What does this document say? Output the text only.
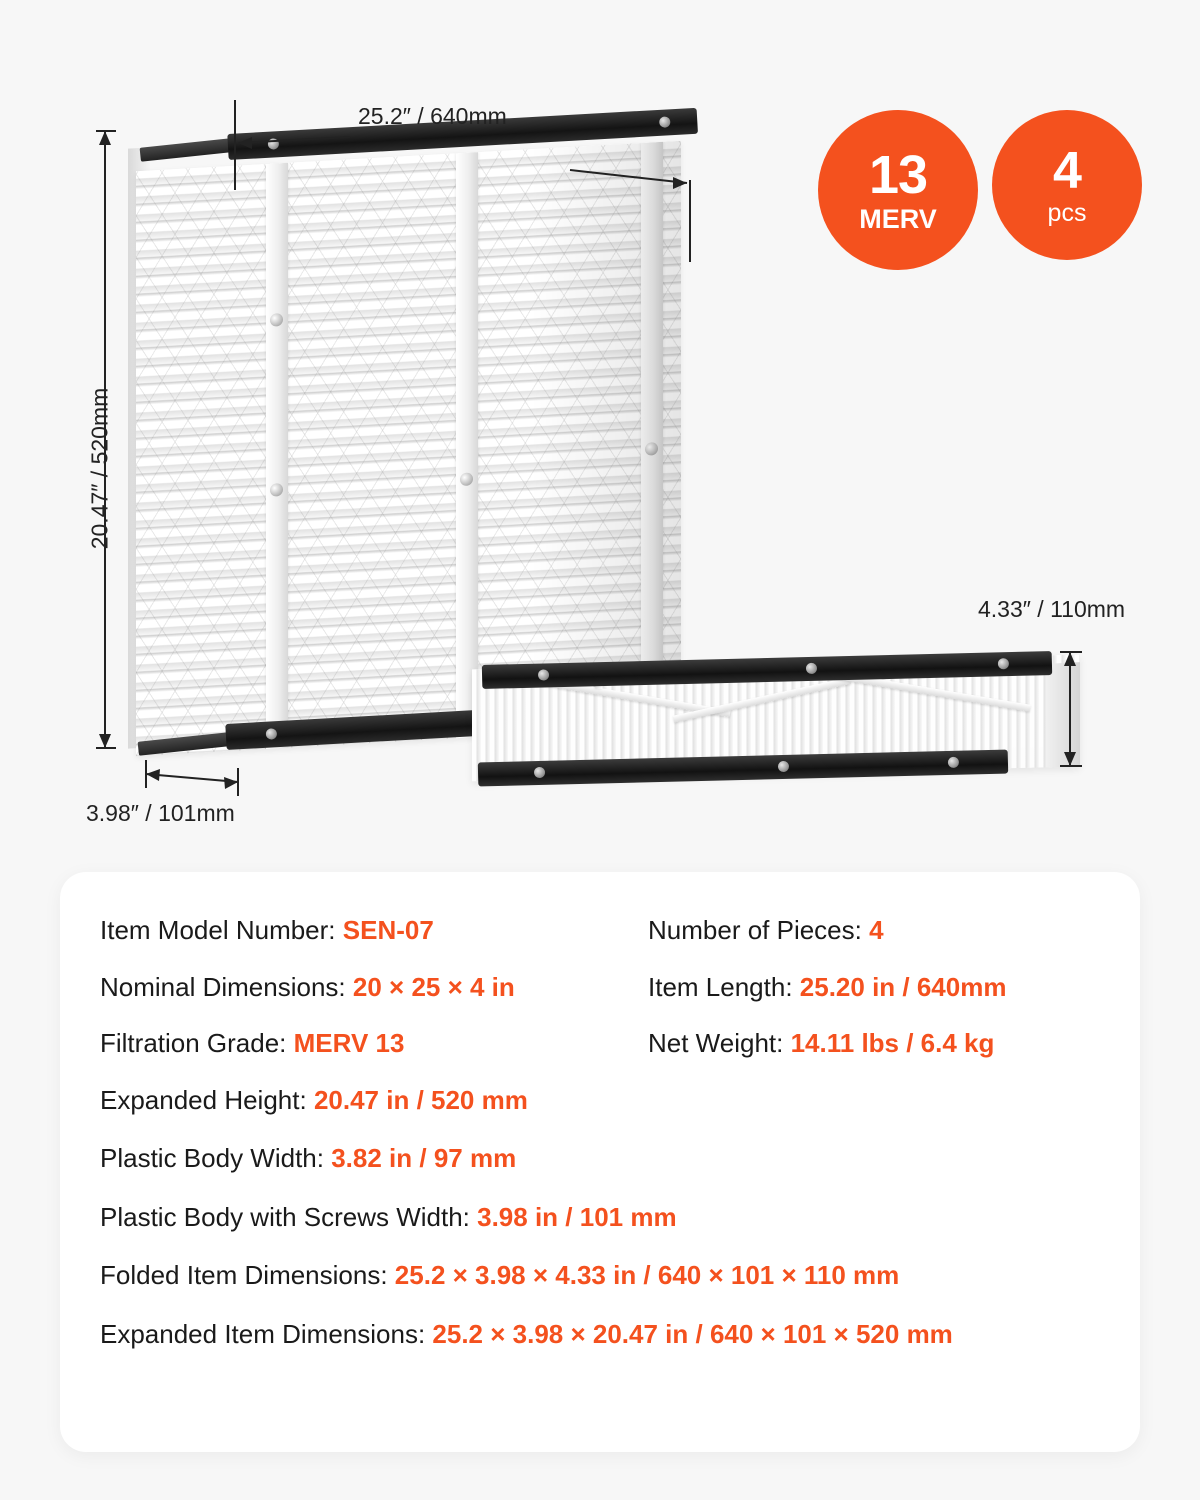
25.2″ / 640mm
20.47″ / 520mm
3.98″ / 101mm
4.33″ / 110mm
13
MERV
4
pcs
Item Model Number: SEN-07
Nominal Dimensions: 20 × 25 × 4 in
Filtration Grade: MERV 13
Expanded Height: 20.47 in / 520 mm
Plastic Body Width: 3.82 in / 97 mm
Plastic Body with Screws Width: 3.98 in / 101 mm
Folded Item Dimensions: 25.2 × 3.98 × 4.33 in / 640 × 101 × 110 mm
Expanded Item Dimensions: 25.2 × 3.98 × 20.47 in / 640 × 101 × 520 mm
Number of Pieces: 4
Item Length: 25.20 in / 640mm
Net Weight: 14.11 lbs / 6.4 kg
